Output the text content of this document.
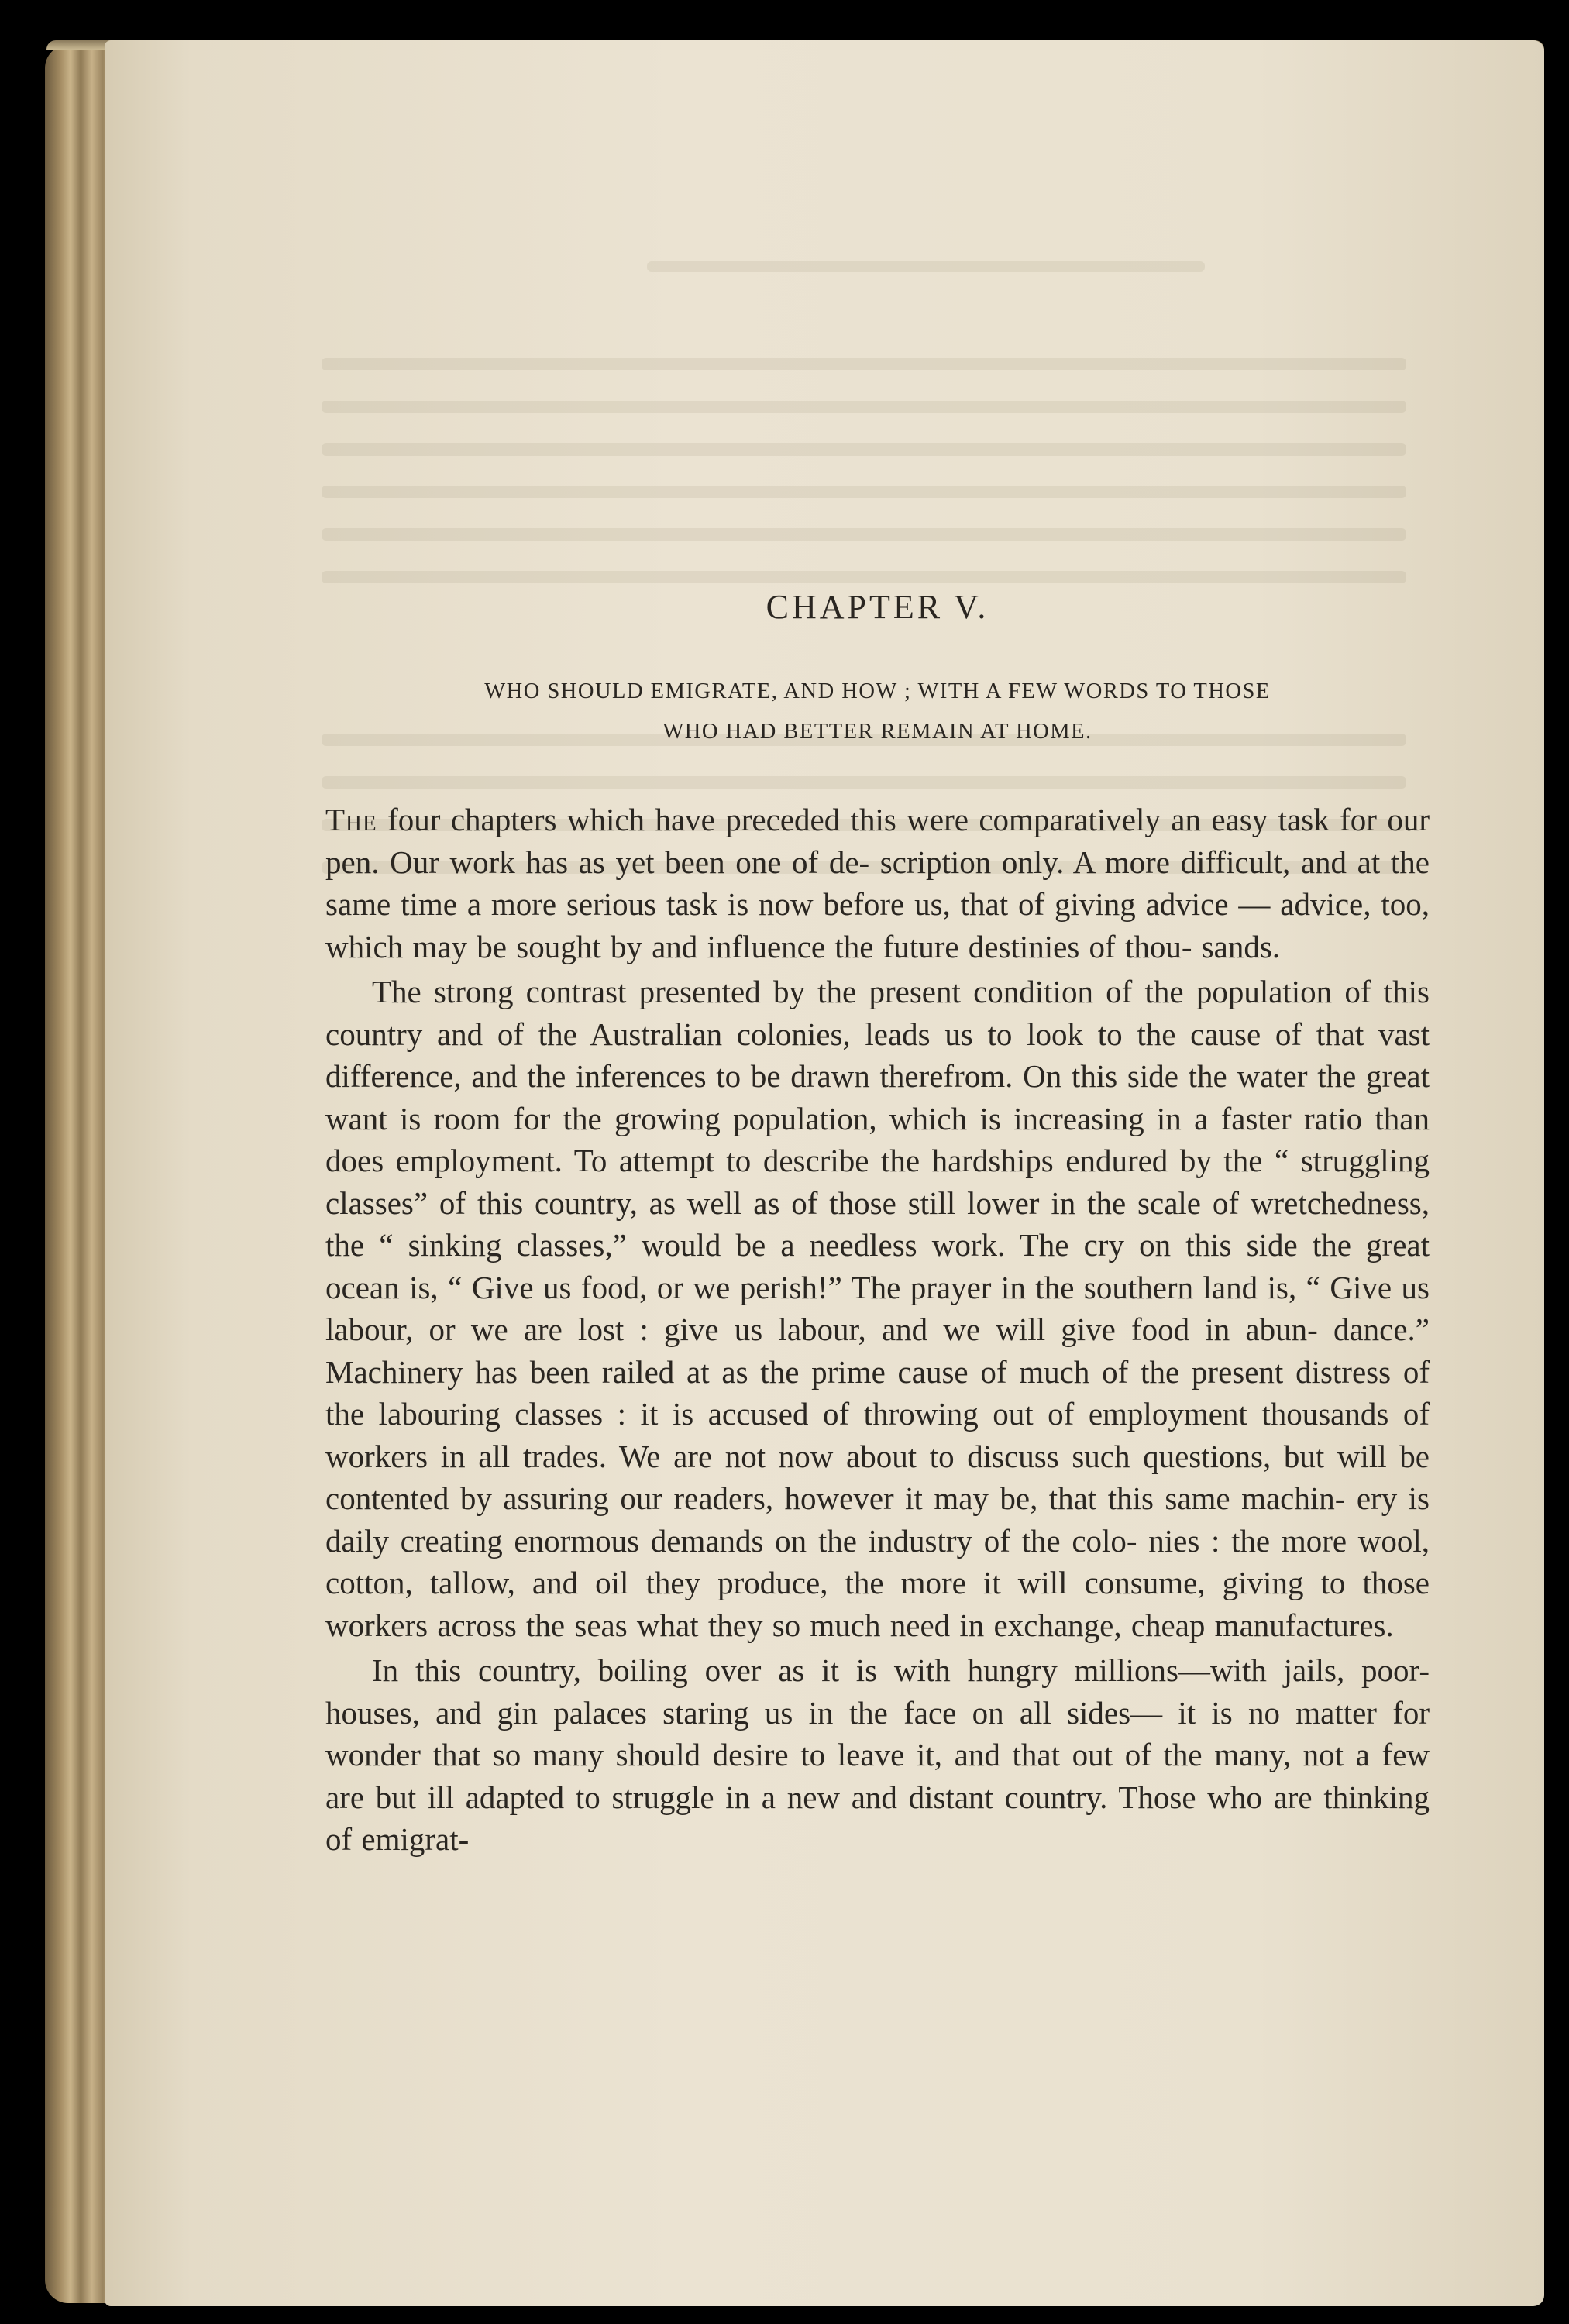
CHAPTER V.
WHO SHOULD EMIGRATE, AND HOW ; WITH A FEW WORDS TO THOSE
WHO HAD BETTER REMAIN AT HOME.

The four chapters which have preceded this were comparatively an easy task for our pen. Our work has as yet been one of de- scription only. A more difficult, and at the same time a more serious task is now before us, that of giving advice — advice, too, which may be sought by and influence the future destinies of thou- sands.

The strong contrast presented by the present condition of the population of this country and of the Australian colonies, leads us to look to the cause of that vast difference, and the inferences to be drawn therefrom. On this side the water the great want is room for the growing population, which is increasing in a faster ratio than does employment. To attempt to describe the hardships endured by the “ struggling classes” of this country, as well as of those still lower in the scale of wretchedness, the “ sinking classes,” would be a needless work. The cry on this side the great ocean is, “ Give us food, or we perish!” The prayer in the southern land is, “ Give us labour, or we are lost : give us labour, and we will give food in abun- dance.” Machinery has been railed at as the prime cause of much of the present distress of the labouring classes : it is accused of throwing out of employment thousands of workers in all trades. We are not now about to discuss such questions, but will be contented by assuring our readers, however it may be, that this same machin- ery is daily creating enormous demands on the industry of the colo- nies : the more wool, cotton, tallow, and oil they produce, the more it will consume, giving to those workers across the seas what they so much need in exchange, cheap manufactures.

In this country, boiling over as it is with hungry millions—with jails, poor-houses, and gin palaces staring us in the face on all sides— it is no matter for wonder that so many should desire to leave it, and that out of the many, not a few are but ill adapted to struggle in a new and distant country. Those who are thinking of emigrat-
